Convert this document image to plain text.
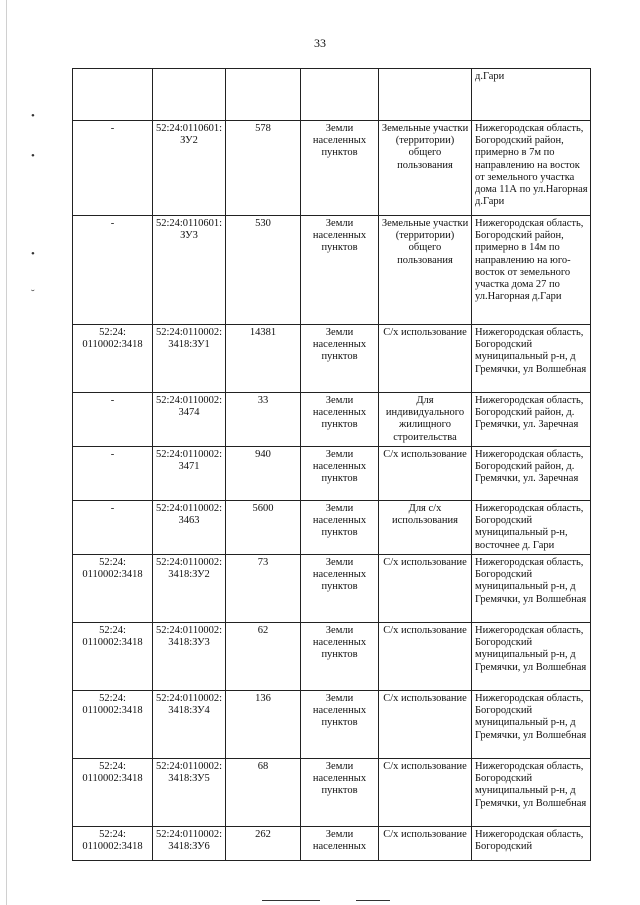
33
•
•
•
˘
					д.Гари
-	52:24:0110601:ЗУ2	578	Земли населенных пунктов	Земельные участки (территории) общего пользования	Нижегородская область, Богородский район, примерно в 7м по направлению на восток от земельного участка дома 11А по ул.Нагорная д.Гари
-	52:24:0110601:ЗУ3	530	Земли населенных пунктов	Земельные участки (территории) общего пользования	Нижегородская область, Богородский район, примерно в 14м по направлению на юго-восток от земельного участка дома 27 по ул.Нагорная д.Гари
52:24: 0110002:3418	52:24:0110002:3418:ЗУ1	14381	Земли населенных пунктов	С/х использование	Нижегородская область, Богородский муниципальный р-н, д Гремячки, ул Волшебная
-	52:24:0110002:3474	33	Земли населенных пунктов	Для индивидуального жилищного строительства	Нижегородская область, Богородский район, д. Гремячки, ул. Заречная
-	52:24:0110002:3471	940	Земли населенных пунктов	С/х использование	Нижегородская область, Богородский район, д. Гремячки, ул. Заречная
-	52:24:0110002:3463	5600	Земли населенных пунктов	Для с/х использования	Нижегородская область, Богородский муниципальный р-н, восточнее д. Гари
52:24: 0110002:3418	52:24:0110002:3418:ЗУ2	73	Земли населенных пунктов	С/х использование	Нижегородская область, Богородский муниципальный р-н, д Гремячки, ул Волшебная
52:24: 0110002:3418	52:24:0110002:3418:ЗУ3	62	Земли населенных пунктов	С/х использование	Нижегородская область, Богородский муниципальный р-н, д Гремячки, ул Волшебная
52:24: 0110002:3418	52:24:0110002:3418:ЗУ4	136	Земли населенных пунктов	С/х использование	Нижегородская область, Богородский муниципальный р-н, д Гремячки, ул Волшебная
52:24: 0110002:3418	52:24:0110002:3418:ЗУ5	68	Земли населенных пунктов	С/х использование	Нижегородская область, Богородский муниципальный р-н, д Гремячки, ул Волшебная
52:24: 0110002:3418	52:24:0110002:3418:ЗУ6	262	Земли населенных	С/х использование	Нижегородская область, Богородский
